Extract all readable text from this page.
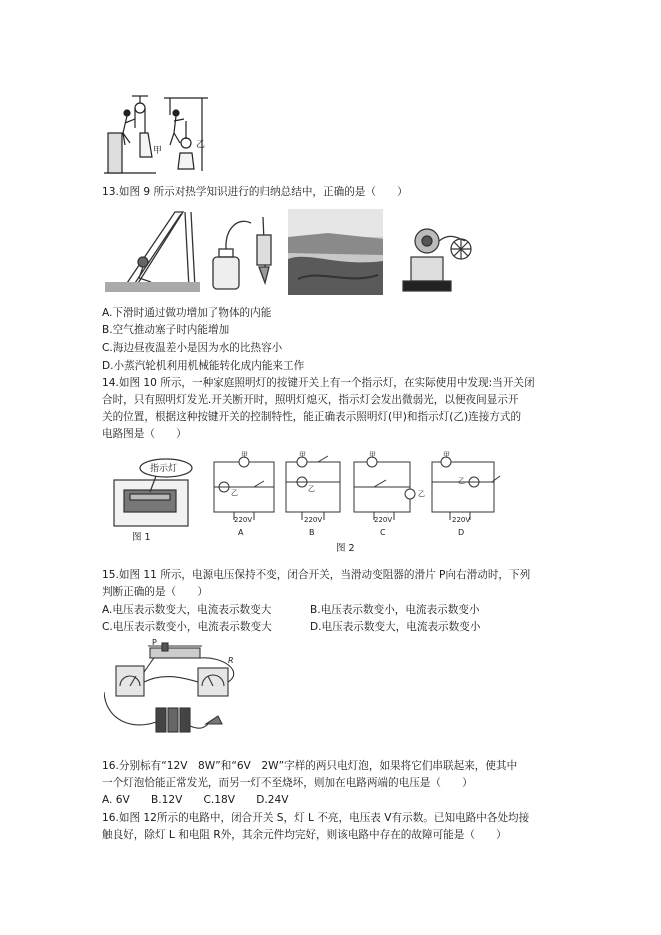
甲
乙
13.如图 9 所示对热学知识进行的归纳总结中，正确的是（　　）
A.下滑时通过做功增加了物体的内能
B.空气推动塞子时内能增加
C.海边昼夜温差小是因为水的比热容小
D.小蒸汽轮机利用机械能转化成内能来工作
14.如图 10 所示，一种家庭照明灯的按键开关上有一个指示灯，在实际使用中发现:当开关闭
合时，只有照明灯发光.开关断开时，照明灯熄灭，指示灯会发出微弱光，以便夜间显示开
关的位置，根据这种按键开关的控制特性，能正确表示照明灯(甲)和指示灯(乙)连接方式的
电路图是（　　）
指示灯
图 1
甲
乙
220V
A
甲
乙
220V
B
甲
乙
220V
C
甲
乙
220V
D
图 2
15.如图 11 所示，电源电压保持不变，闭合开关，当滑动变阻器的滑片 P向右滑动时，下列
判断正确的是（　　）
A.电压表示数变大，电流表示数变大	B.电压表示数变小，电流表示数变小
C.电压表示数变小，电流表示数变大	D.电压表示数变大，电流表示数变小
P
R
16.分别标有“12V　8W”和“6V　2W”字样的两只电灯泡，如果将它们串联起来，使其中
一个灯泡恰能正常发光，而另一灯不至烧坏，则加在电路两端的电压是（　　）
A. 6V　　B.12V　　C.18V　　D.24V
16.如图 12所示的电路中，闭合开关 S，灯 L 不亮，电压表 V有示数。已知电路中各处均接
触良好，除灯 L 和电阻 R外，其余元件均完好，则该电路中存在的故障可能是（　　）
